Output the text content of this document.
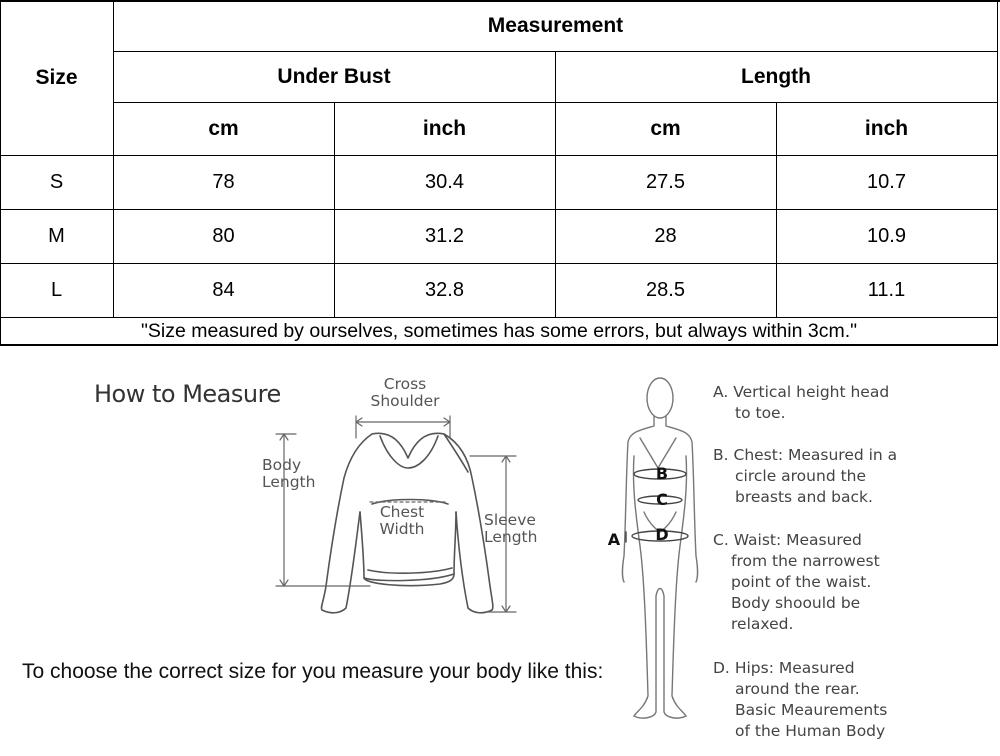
Size
Measurement
Under Bust	Length
cm	inch	cm	inch
S	78	30.4	27.5	10.7
M	80	31.2	28	10.9
L	84	32.8	28.5	11.1
"Size measured by ourselves, sometimes has some errors, but always within 3cm."
How to Measure	Cross
Shoulder
Body
Length
Chest
Width	Sleeve
Length	A
B
C
D
A. Vertical height head

to toe.
B. Chest: Measured in a

circle around the
breasts and back.
C. Waist: Measured

from the narrowest
point of the waist.
Body shoould be
relaxed.
D. Hips: Measured

around the rear.
Basic Meaurements
of the Human Body
To choose the correct size for you measure your body like this:
